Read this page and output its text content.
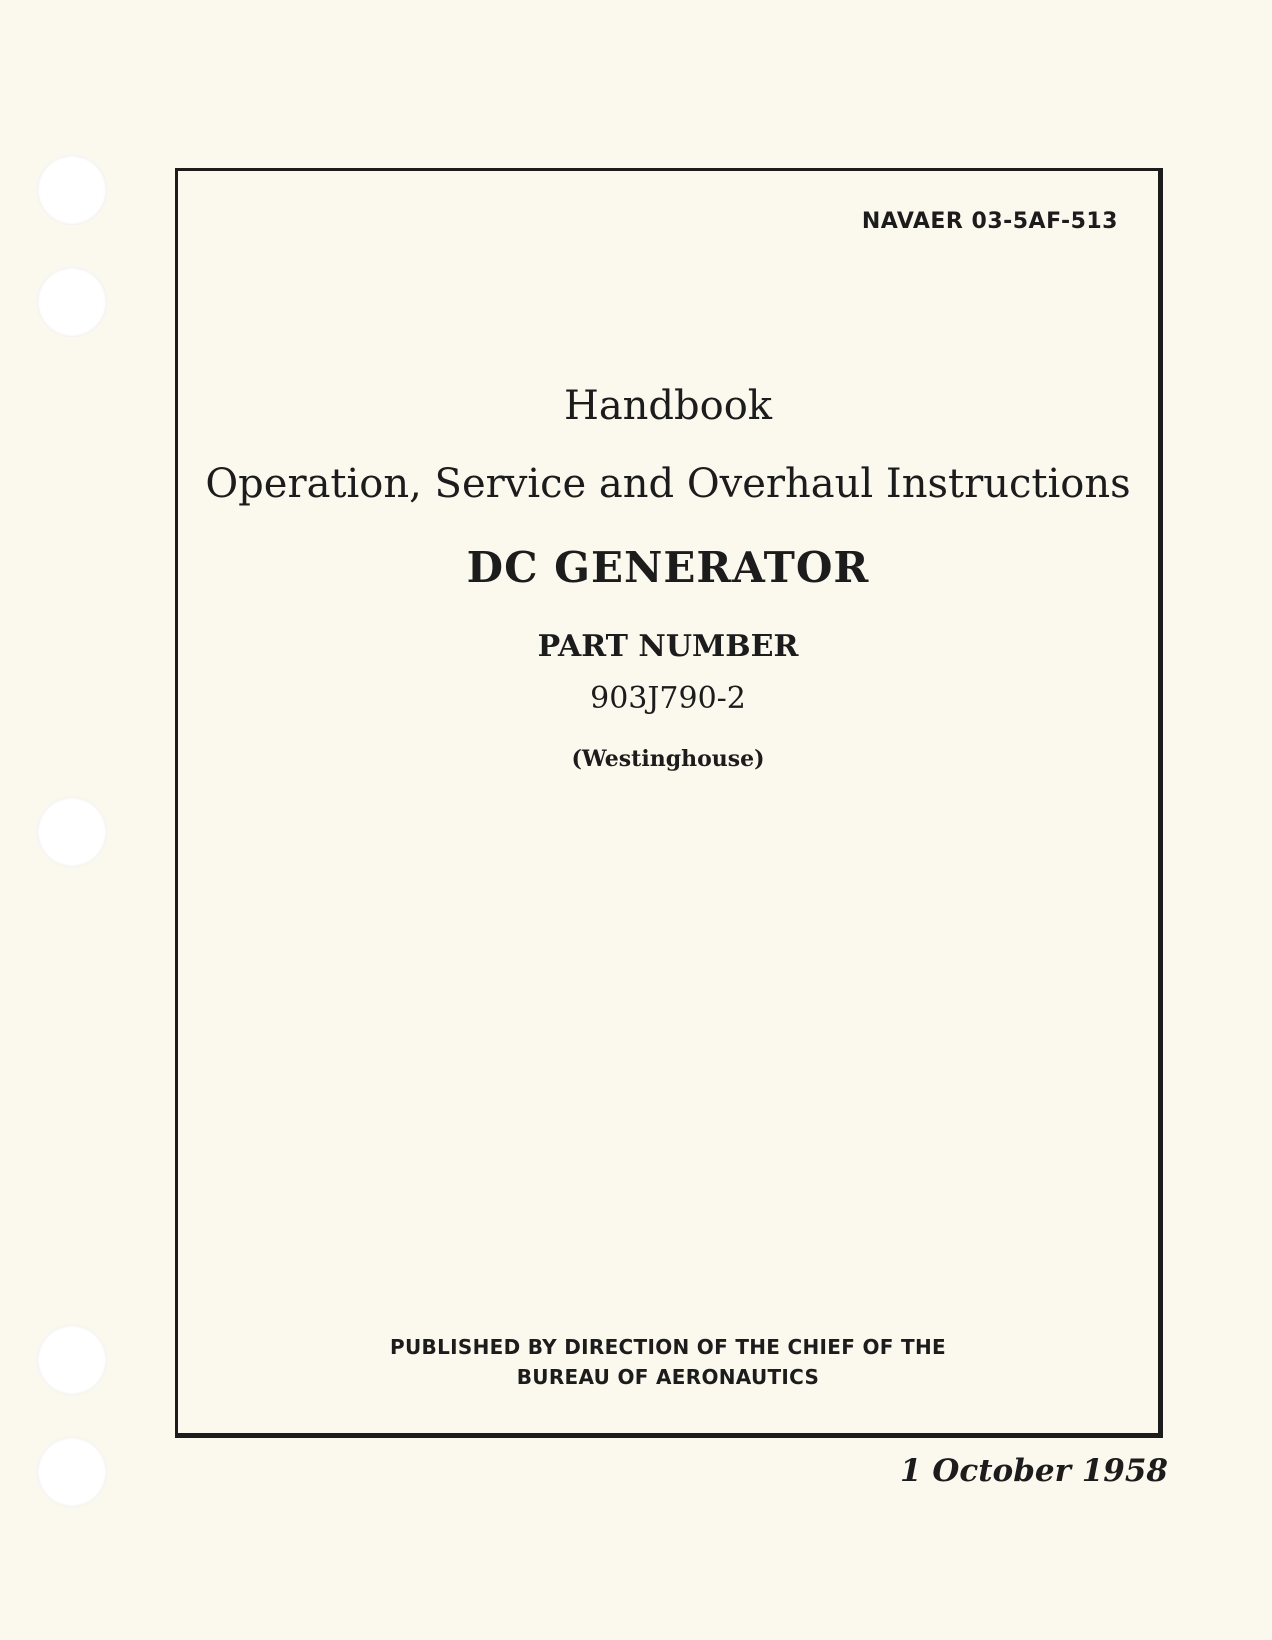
NAVAER 03-5AF-513
Handbook
Operation, Service and Overhaul Instructions
DC GENERATOR
PART NUMBER
903J790-2
(Westinghouse)
PUBLISHED BY DIRECTION OF THE CHIEF OF THE
BUREAU OF AERONAUTICS
1 October 1958
